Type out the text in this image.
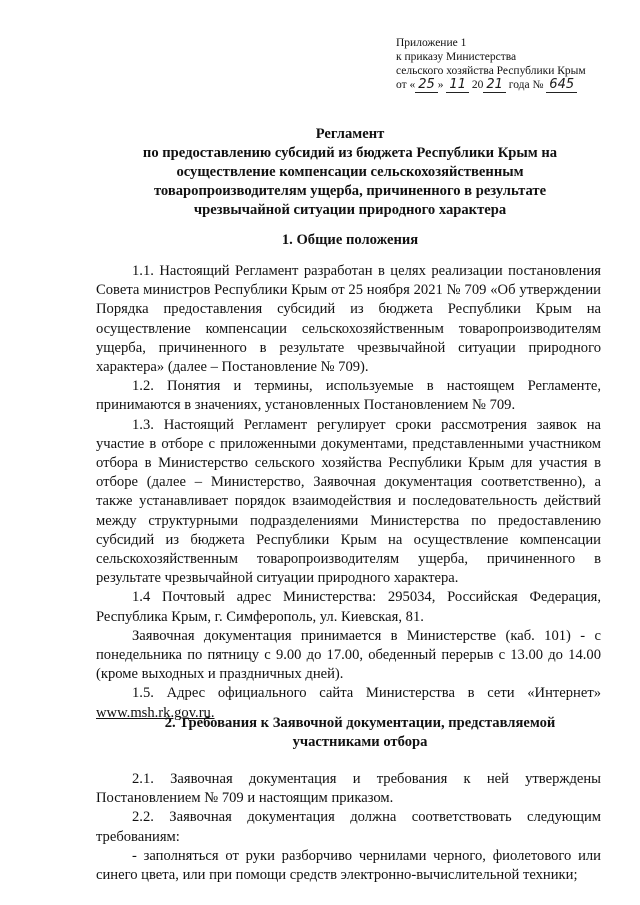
Приложение 1
к приказу Министерства
сельского хозяйства Республики Крым
от « 25 » 11 20 21 года № 645
Регламент
по предоставлению субсидий из бюджета Республики Крым на
осуществление компенсации сельскохозяйственным
товаропроизводителям ущерба, причиненного в результате
чрезвычайной ситуации природного характера
1. Общие положения

1.1. Настоящий Регламент разработан в целях реализации постановления Совета министров Республики Крым от 25 ноября 2021 № 709 «Об утверждении Порядка предоставления субсидий из бюджета Республики Крым на осуществление компенсации сельскохозяйственным товаропроизводителям ущерба, причиненного в результате чрезвычайной ситуации природного характера» (далее – Постановление № 709).

1.2. Понятия и термины, используемые в настоящем Регламенте, принимаются в значениях, установленных Постановлением № 709.

1.3. Настоящий Регламент регулирует сроки рассмотрения заявок на участие в отборе с приложенными документами, представленными участником отбора в Министерство сельского хозяйства Республики Крым для участия в отборе (далее – Министерство, Заявочная документация соответственно), а также устанавливает порядок взаимодействия и последовательность действий между структурными подразделениями Министерства по предоставлению субсидий из бюджета Республики Крым на осуществление компенсации сельскохозяйственным товаропроизводителям ущерба, причиненного в результате чрезвычайной ситуации природного характера.

1.4 Почтовый адрес Министерства: 295034, Российская Федерация, Республика Крым, г. Симферополь, ул. Киевская, 81.

Заявочная документация принимается в Министерстве (каб. 101) - с понедельника по пятницу с 9.00 до 17.00, обеденный перерыв с 13.00 до 14.00 (кроме выходных и праздничных дней).

1.5. Адрес официального сайта Министерства в сети «Интернет» www.msh.rk.gov.ru.

2. Требования к Заявочной документации, представляемой
участниками отбора

2.1. Заявочная документация и требования к ней утверждены Постановлением № 709 и настоящим приказом.

2.2. Заявочная документация должна соответствовать следующим требованиям:

- заполняться от руки разборчиво чернилами черного, фиолетового или синего цвета, или при помощи средств электронно-вычислительной техники;
